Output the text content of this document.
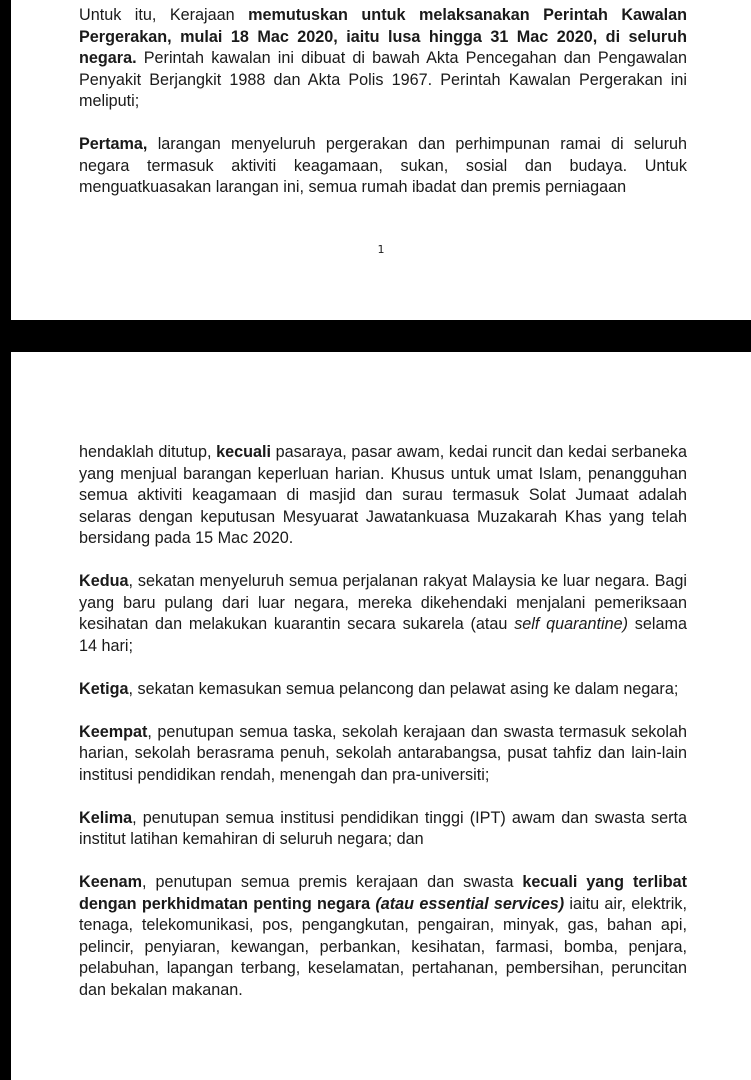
Untuk itu, Kerajaan memutuskan untuk melaksanakan Perintah Kawalan Pergerakan, mulai 18 Mac 2020, iaitu lusa hingga 31 Mac 2020, di seluruh negara. Perintah kawalan ini dibuat di bawah Akta Pencegahan dan Pengawalan Penyakit Berjangkit 1988 dan Akta Polis 1967. Perintah Kawalan Pergerakan ini meliputi;

Pertama, larangan menyeluruh pergerakan dan perhimpunan ramai di seluruh negara termasuk aktiviti keagamaan, sukan, sosial dan budaya. Untuk menguatkuasakan larangan ini, semua rumah ibadat dan premis perniagaan

1

hendaklah ditutup, kecuali pasaraya, pasar awam, kedai runcit dan kedai serbaneka yang menjual barangan keperluan harian. Khusus untuk umat Islam, penangguhan semua aktiviti keagamaan di masjid dan surau termasuk Solat Jumaat adalah selaras dengan keputusan Mesyuarat Jawatankuasa Muzakarah Khas yang telah bersidang pada 15 Mac 2020.

Kedua, sekatan menyeluruh semua perjalanan rakyat Malaysia ke luar negara. Bagi yang baru pulang dari luar negara, mereka dikehendaki menjalani pemeriksaan kesihatan dan melakukan kuarantin secara sukarela (atau self quarantine) selama 14 hari;

Ketiga, sekatan kemasukan semua pelancong dan pelawat asing ke dalam negara;

Keempat, penutupan semua taska, sekolah kerajaan dan swasta termasuk sekolah harian, sekolah berasrama penuh, sekolah antarabangsa, pusat tahfiz dan lain-lain institusi pendidikan rendah, menengah dan pra-universiti;

Kelima, penutupan semua institusi pendidikan tinggi (IPT) awam dan swasta serta institut latihan kemahiran di seluruh negara; dan

Keenam, penutupan semua premis kerajaan dan swasta kecuali yang terlibat dengan perkhidmatan penting negara (atau essential services) iaitu air, elektrik, tenaga, telekomunikasi, pos, pengangkutan, pengairan, minyak, gas, bahan api, pelincir, penyiaran, kewangan, perbankan, kesihatan, farmasi, bomba, penjara, pelabuhan, lapangan terbang, keselamatan, pertahanan, pembersihan, peruncitan dan bekalan makanan.
